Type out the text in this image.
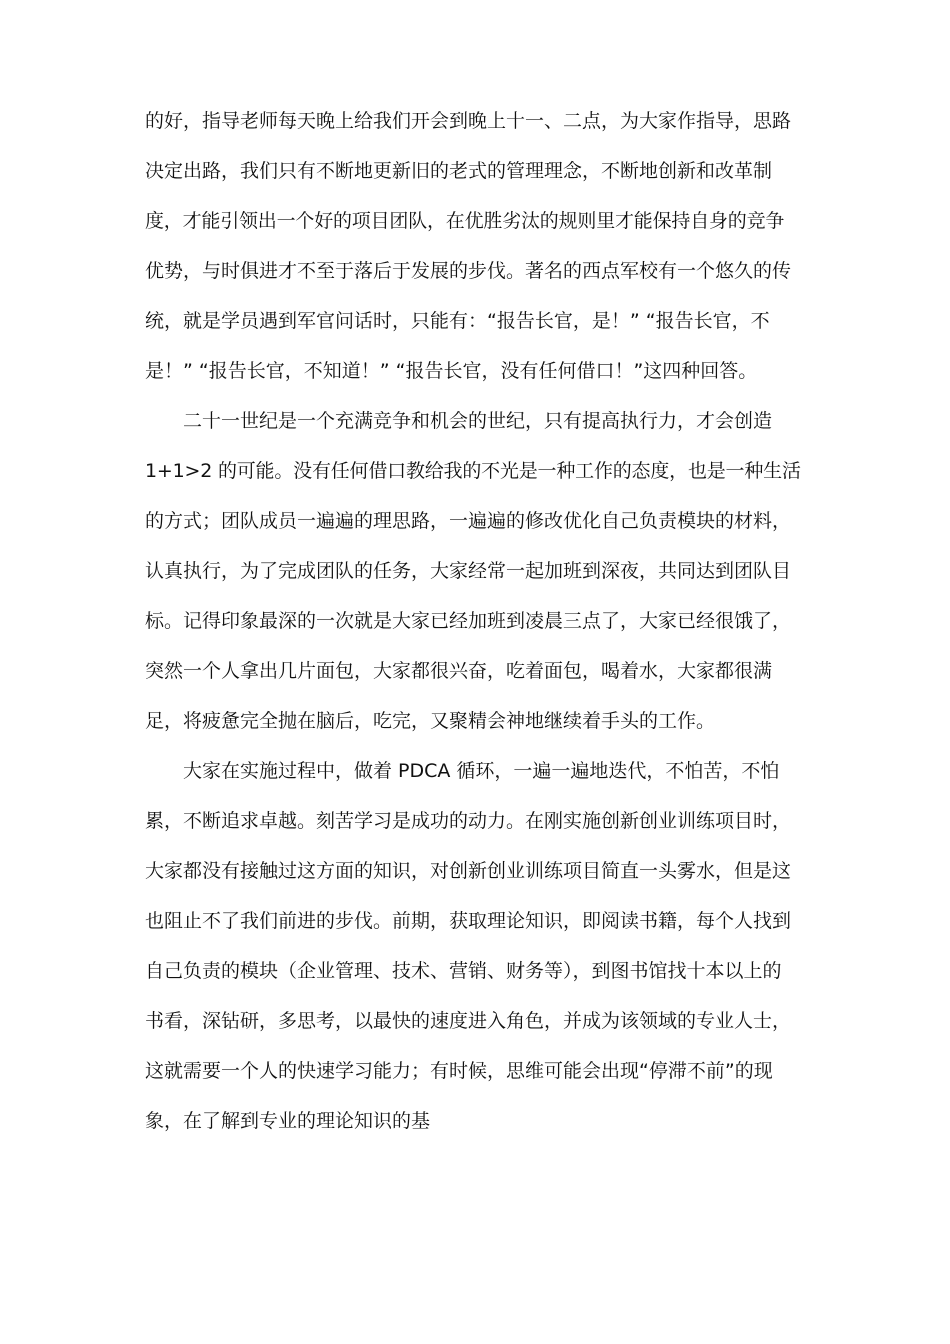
的好，指导老师每天晚上给我们开会到晚上十一、二点，为大家作指导，思路

决定出路，我们只有不断地更新旧的老式的管理理念，不断地创新和改革制

度，才能引领出一个好的项目团队，在优胜劣汰的规则里才能保持自身的竞争

优势，与时俱进才不至于落后于发展的步伐。著名的西点军校有一个悠久的传

统，就是学员遇到军官问话时，只能有：“报告长官，是！” “报告长官，不

是！” “报告长官，不知道！” “报告长官，没有任何借口！”这四种回答。

二十一世纪是一个充满竞争和机会的世纪，只有提高执行力，才会创造

1+1>2 的可能。没有任何借口教给我的不光是一种工作的态度，也是一种生活

的方式；团队成员一遍遍的理思路，一遍遍的修改优化自己负责模块的材料，

认真执行，为了完成团队的任务，大家经常一起加班到深夜，共同达到团队目

标。记得印象最深的一次就是大家已经加班到凌晨三点了，大家已经很饿了，

突然一个人拿出几片面包，大家都很兴奋，吃着面包，喝着水，大家都很满

足，将疲惫完全抛在脑后，吃完，又聚精会神地继续着手头的工作。

大家在实施过程中，做着 PDCA 循环，一遍一遍地迭代，不怕苦，不怕

累，不断追求卓越。刻苦学习是成功的动力。在刚实施创新创业训练项目时，

大家都没有接触过这方面的知识，对创新创业训练项目简直一头雾水，但是这

也阻止不了我们前进的步伐。前期，获取理论知识，即阅读书籍，每个人找到

自己负责的模块（企业管理、技术、营销、财务等），到图书馆找十本以上的

书看，深钻研，多思考，以最快的速度进入角色，并成为该领域的专业人士，

这就需要一个人的快速学习能力；有时候，思维可能会出现“停滞不前”的现

象，在了解到专业的理论知识的基
